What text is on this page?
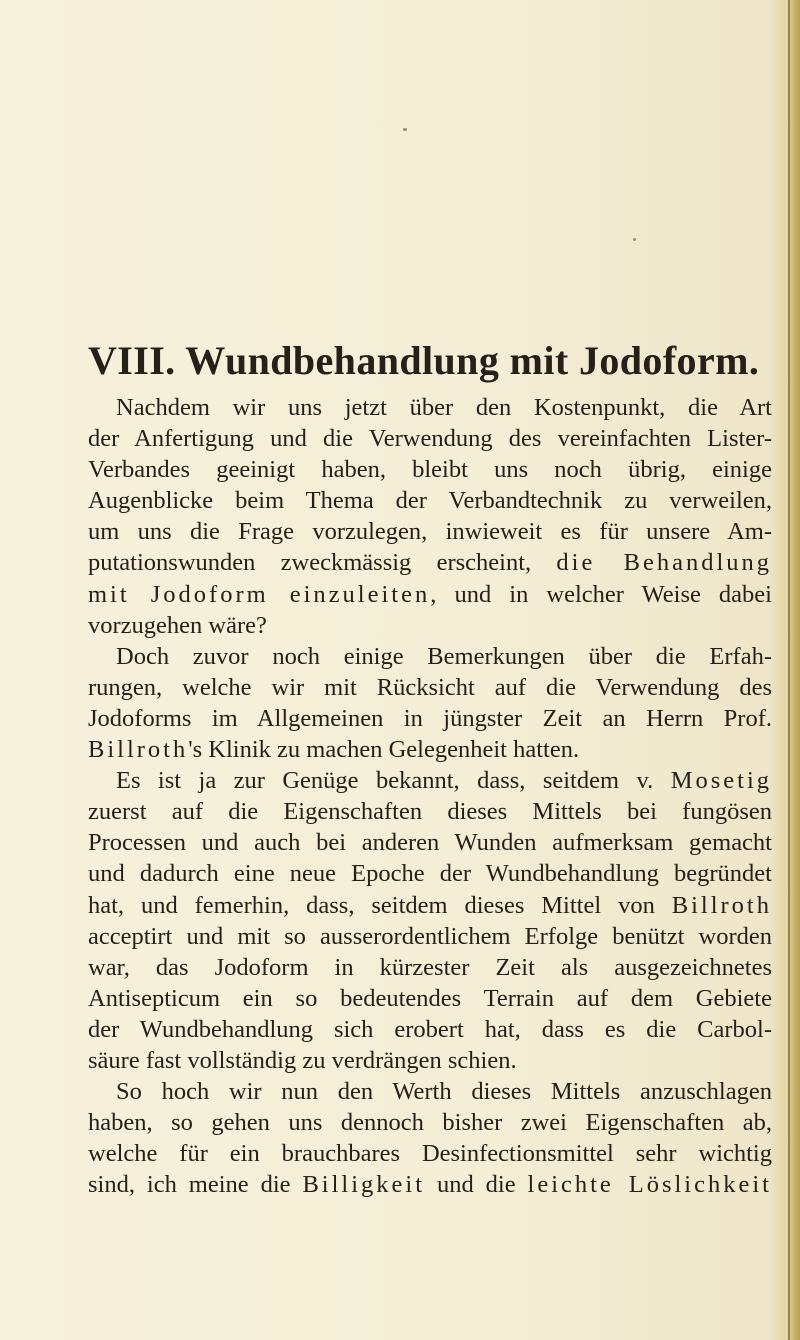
VIII. Wundbehandlung mit Jodoform.
Nachdem wir uns jetzt über den Kostenpunkt, die Art
der Anfertigung und die Verwendung des vereinfachten Lister-
Verbandes geeinigt haben, bleibt uns noch übrig, einige
Augenblicke beim Thema der Verbandtechnik zu verweilen,
um uns die Frage vorzulegen, inwieweit es für unsere Am-
putationswunden zweckmässig erscheint, die Behandlung
mit Jodoform einzuleiten, und in welcher Weise dabei
vorzugehen wäre?
Doch zuvor noch einige Bemerkungen über die Erfah-
rungen, welche wir mit Rücksicht auf die Verwendung des
Jodoforms im Allgemeinen in jüngster Zeit an Herrn Prof.
Billroth's Klinik zu machen Gelegenheit hatten.
Es ist ja zur Genüge bekannt, dass, seitdem v. Mosetig
zuerst auf die Eigenschaften dieses Mittels bei fungösen
Processen und auch bei anderen Wunden aufmerksam gemacht
und dadurch eine neue Epoche der Wundbehandlung begründet
hat, und femerhin, dass, seitdem dieses Mittel von Billroth
acceptirt und mit so ausserordentlichem Erfolge benützt worden
war, das Jodoform in kürzester Zeit als ausgezeichnetes
Antisepticum ein so bedeutendes Terrain auf dem Gebiete
der Wundbehandlung sich erobert hat, dass es die Carbol-
säure fast vollständig zu verdrängen schien.
So hoch wir nun den Werth dieses Mittels anzuschlagen
haben, so gehen uns dennoch bisher zwei Eigenschaften ab,
welche für ein brauchbares Desinfectionsmittel sehr wichtig
sind, ich meine die Billigkeit und die leichte Löslichkeit
